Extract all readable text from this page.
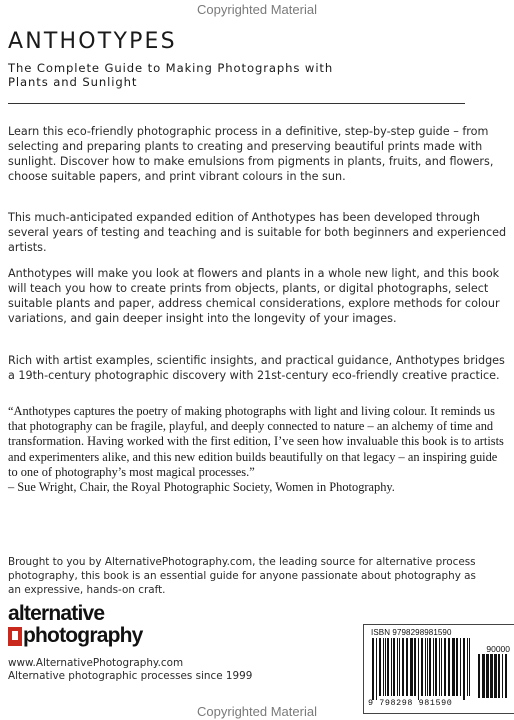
Copyrighted Material
ANTHOTYPES
The Complete Guide to Making Photographs with Plants and Sunlight

Learn this eco-friendly photographic process in a definitive, step-by-step guide – from selecting and preparing plants to creating and preserving beautiful prints made with sunlight. Discover how to make emulsions from pigments in plants, fruits, and flowers, choose suitable papers, and print vibrant colours in the sun.

This much-anticipated expanded edition of Anthotypes has been developed through several years of testing and teaching and is suitable for both beginners and experienced artists.

Anthotypes will make you look at flowers and plants in a whole new light, and this book will teach you how to create prints from objects, plants, or digital photographs, select suitable plants and paper, address chemical considerations, explore methods for colour variations, and gain deeper insight into the longevity of your images.

Rich with artist examples, scientific insights, and practical guidance, Anthotypes bridges a 19th-century photographic discovery with 21st-century eco-friendly creative practice.

“Anthotypes captures the poetry of making photographs with light and living colour. It reminds us that photography can be fragile, playful, and deeply connected to nature – an alchemy of time and transformation. Having worked with the first edition, I’ve seen how invaluable this book is to artists and experimenters alike, and this new edition builds beautifully on that legacy – an inspiring guide to one of photography’s most magical processes.”
– Sue Wright, Chair, the Royal Photographic Society, Women in Photography.

Brought to you by AlternativePhotography.com, the leading source for alternative process photography, this book is an essential guide for anyone passionate about photography as an expressive, hands-on craft.

alternative
photography

www.AlternativePhotography.com

Alternative photographic processes since 1999

ISBN 9798298981590
90000
9 798298 981590
Copyrighted Material
